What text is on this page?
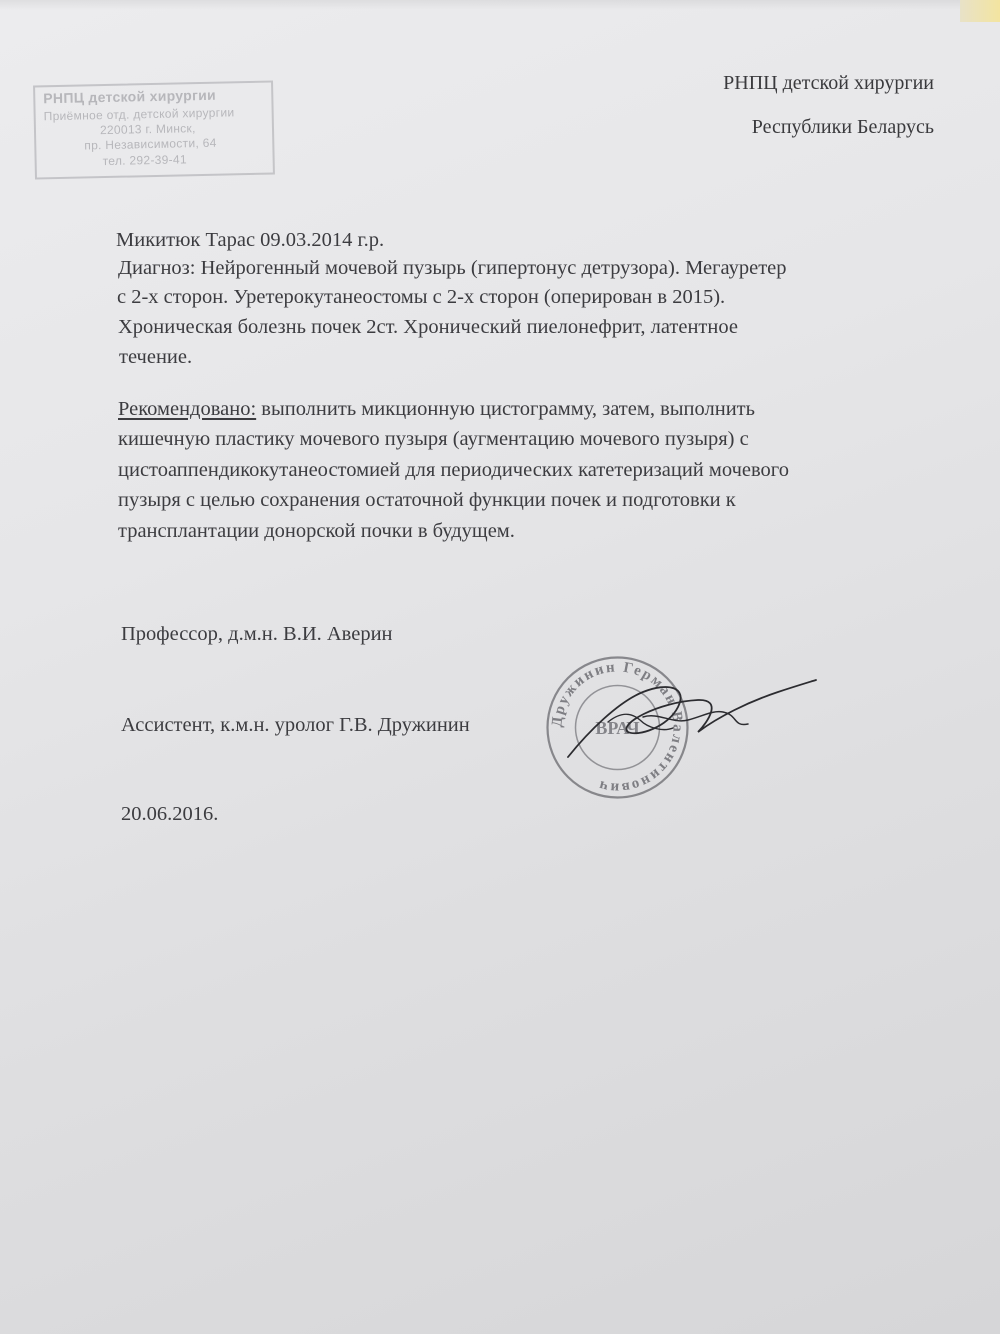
РНПЦ детской хирургии
Приёмное отд. детской хирургии
220013 г. Минск,
пр. Независимости, 64
тел. 292-39-41
РНПЦ детской хирургии
Республики Беларусь
Микитюк Тарас 09.03.2014 г.р.
Диагноз: Нейрогенный мочевой пузырь (гипертонус детрузора). Мегауретер
с 2-х сторон. Уретерокутанеостомы с 2-х сторон (оперирован в 2015).
Хроническая болезнь почек 2ст. Хронический пиелонефрит, латентное
течение.
Рекомендовано: выполнить микционную цистограмму, затем, выполнить
кишечную пластику мочевого пузыря (аугментацию мочевого пузыря) с
цистоаппендикокутанеостомией для периодических катетеризаций мочевого
пузыря с целью сохранения остаточной функции почек и подготовки к
трансплантации донорской почки в будущем.
Профессор, д.м.н. В.И. Аверин
Ассистент, к.м.н. уролог Г.В. Дружинин
20.06.2016.
Дружинин Герман Валентинович
ВРАЧ
